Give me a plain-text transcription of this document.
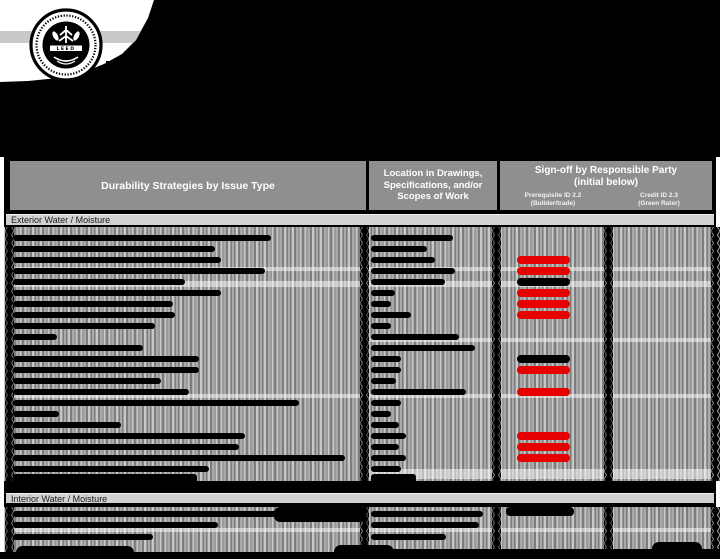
LEED
Durability Strategies by Issue Type
Location in Drawings, Specifications, and/or Scopes of Work
Sign-off by Responsible Party
(initial below)
Prerequisite ID 2.2
(Builder/trade)
Credit ID 2.3
(Green Rater)
Exterior Water / Moisture
Interior Water / Moisture
